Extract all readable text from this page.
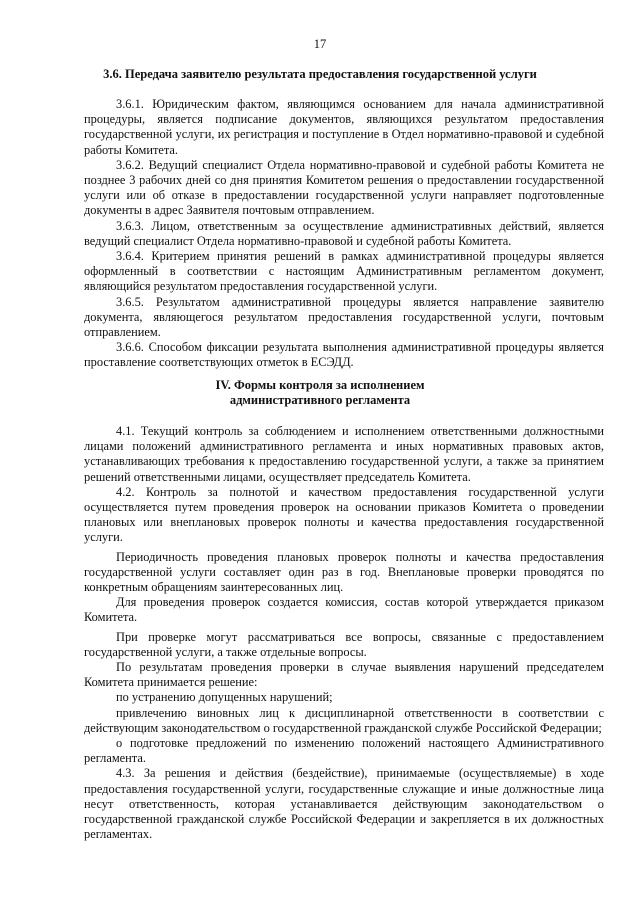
17
3.6. Передача заявителю результата предоставления государственной услуги

3.6.1. Юридическим фактом, являющимся основанием для начала административной процедуры, является подписание документов, являющихся результатом предоставления государственной услуги, их регистрация и поступление в Отдел нормативно-правовой и судебной работы Комитета.

3.6.2. Ведущий специалист Отдела нормативно-правовой и судебной работы Комитета не позднее 3 рабочих дней со дня принятия Комитетом решения о предоставлении государственной услуги или об отказе в предоставлении государственной услуги направляет подготовленные документы в адрес Заявителя почтовым отправлением.

3.6.3. Лицом, ответственным за осуществление административных действий, является ведущий специалист Отдела нормативно-правовой и судебной работы Комитета.

3.6.4. Критерием принятия решений в рамках административной процедуры является оформленный в соответствии с настоящим Административным регламентом документ, являющийся результатом предоставления государственной услуги.

3.6.5. Результатом административной процедуры является направление заявителю документа, являющегося результатом предоставления государственной услуги, почтовым отправлением.

3.6.6. Способом фиксации результата выполнения административной процедуры является проставление соответствующих отметок в ЕСЭДД.

IV. Формы контроля за исполнением
административного регламента

4.1. Текущий контроль за соблюдением и исполнением ответственными должностными лицами положений административного регламента и иных нормативных правовых актов, устанавливающих требования к предоставлению государственной услуги, а также за принятием решений ответственными лицами, осуществляет председатель Комитета.

4.2. Контроль за полнотой и качеством предоставления государственной услуги осуществляется путем проведения проверок на основании приказов Комитета о проведении плановых или внеплановых проверок полноты и качества предоставления государственной услуги.

Периодичность проведения плановых проверок полноты и качества предоставления государственной услуги составляет один раз в год. Внеплановые проверки проводятся по конкретным обращениям заинтересованных лиц.

Для проведения проверок создается комиссия, состав которой утверждается приказом Комитета.

При проверке могут рассматриваться все вопросы, связанные с предоставлением государственной услуги, а также отдельные вопросы.

По результатам проведения проверки в случае выявления нарушений председателем Комитета принимается решение:

по устранению допущенных нарушений;

привлечению виновных лиц к дисциплинарной ответственности в соответствии с действующим законодательством о государственной гражданской службе Российской Федерации;

о подготовке предложений по изменению положений настоящего Административного регламента.

4.3. За решения и действия (бездействие), принимаемые (осуществляемые) в ходе предоставления государственной услуги, государственные служащие и иные должностные лица несут ответственность, которая устанавливается действующим законодательством о государственной гражданской службе Российской Федерации и закрепляется в их должностных регламентах.
